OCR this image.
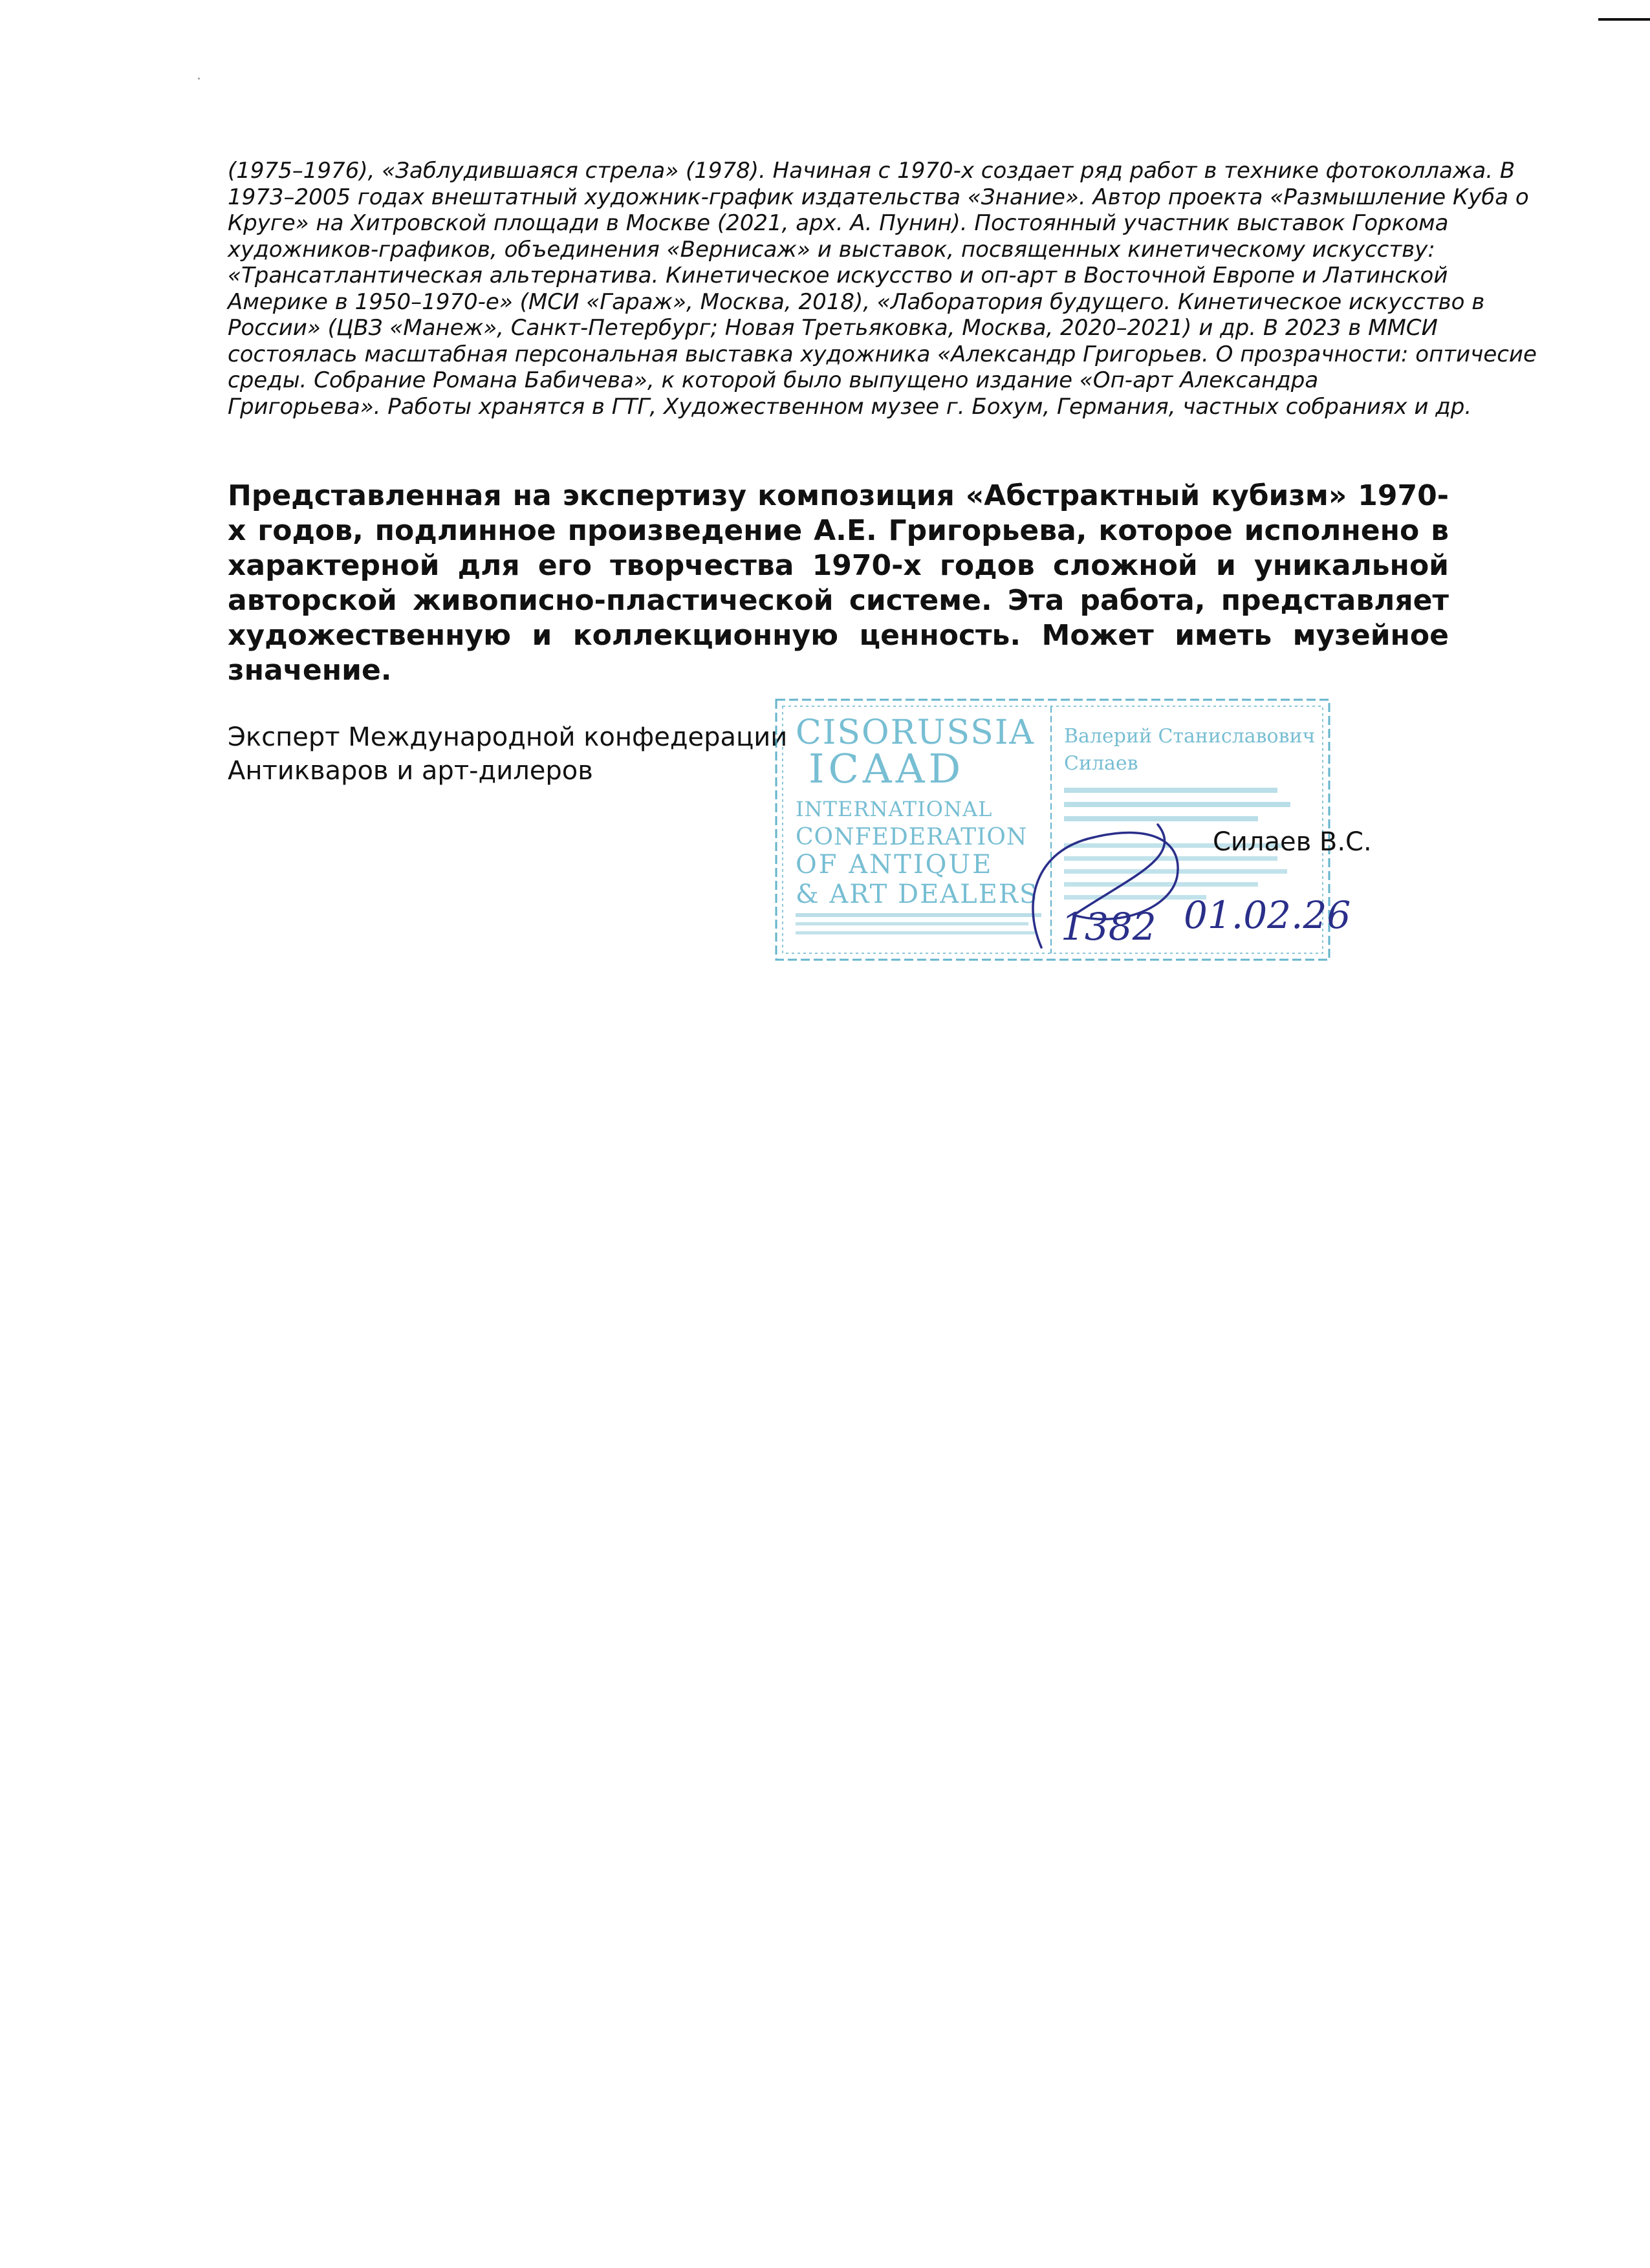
(1975–1976), «Заблудившаяся стрела» (1978). Начиная с 1970-х создает ряд работ в технике фотоколлажа. В
1973–2005 годах внештатный художник-график издательства «Знание». Автор проекта «Размышление Куба о
Круге» на Хитровской площади в Москве (2021, арх. А. Пунин). Постоянный участник выставок Горкома
художников-графиков, объединения «Вернисаж» и выставок, посвященных кинетическому искусству:
«Трансатлантическая альтернатива. Кинетическое искусство и оп-арт в Восточной Европе и Латинской
Америке в 1950–1970-е» (МСИ «Гараж», Москва, 2018), «Лаборатория будущего. Кинетическое искусство в
России» (ЦВЗ «Манеж», Санкт-Петербург; Новая Третьяковка, Москва, 2020–2021) и др. В 2023 в ММСИ
состоялась масштабная персональная выставка художника «Александр Григорьев. О прозрачности: оптичесие
среды. Собрание Романа Бабичева», к которой было выпущено издание «Оп-арт Александра
Григорьева». Работы хранятся в ГТГ, Художественном музее г. Бохум, Германия, частных собраниях и др.
Представленная на экспертизу композиция «Абстрактный кубизм» 1970-
х годов, подлинное произведение А.Е. Григорьева, которое исполнено в
характерной для его творчества 1970-х годов сложной и уникальной
авторской живописно-пластической системе. Эта работа, представляет
художественную и коллекционную ценность. Может иметь музейное
значение.
Эксперт Международной конфедерации
Антикваров и арт-дилеров
CISORUSSIA
ICAAD
INTERNATIONAL
CONFEDERATION
OF ANTIQUE
& ART DEALERS
Валерий Станиславович
Силаев
Силаев В.С.
1382 01.02.26
